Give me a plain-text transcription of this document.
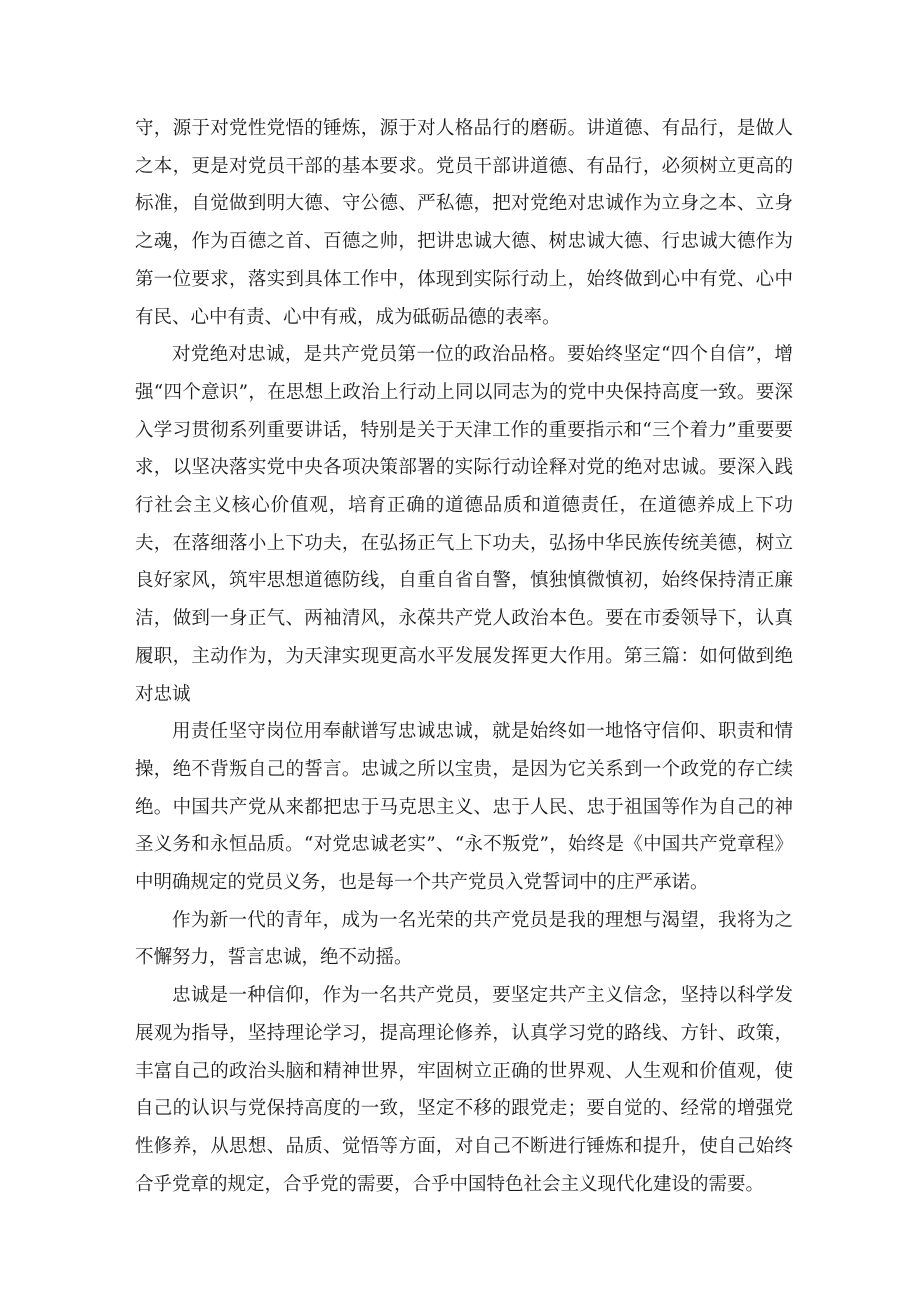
守，源于对党性党悟的锤炼，源于对人格品行的磨砺。讲道德、有品行，是做人之本，更是对党员干部的基本要求。党员干部讲道德、有品行，必须树立更高的标准，自觉做到明大德、守公德、严私德，把对党绝对忠诚作为立身之本、立身之魂，作为百德之首、百德之帅，把讲忠诚大德、树忠诚大德、行忠诚大德作为第一位要求，落实到具体工作中，体现到实际行动上，始终做到心中有党、心中有民、心中有责、心中有戒，成为砥砺品德的表率。

对党绝对忠诚，是共产党员第一位的政治品格。要始终坚定“四个自信”，增强“四个意识”，在思想上政治上行动上同以同志为的党中央保持高度一致。要深入学习贯彻系列重要讲话，特别是关于天津工作的重要指示和“三个着力”重要要求，以坚决落实党中央各项决策部署的实际行动诠释对党的绝对忠诚。要深入践行社会主义核心价值观，培育正确的道德品质和道德责任，在道德养成上下功夫，在落细落小上下功夫，在弘扬正气上下功夫，弘扬中华民族传统美德，树立良好家风，筑牢思想道德防线，自重自省自警，慎独慎微慎初，始终保持清正廉洁，做到一身正气、两袖清风，永葆共产党人政治本色。要在市委领导下，认真履职，主动作为，为天津实现更高水平发展发挥更大作用。第三篇：如何做到绝对忠诚

用责任坚守岗位用奉献谱写忠诚忠诚，就是始终如一地恪守信仰、职责和情操，绝不背叛自己的誓言。忠诚之所以宝贵，是因为它关系到一个政党的存亡续绝。中国共产党从来都把忠于马克思主义、忠于人民、忠于祖国等作为自己的神圣义务和永恒品质。“对党忠诚老实”、“永不叛党”，始终是《中国共产党章程》中明确规定的党员义务，也是每一个共产党员入党誓词中的庄严承诺。

作为新一代的青年，成为一名光荣的共产党员是我的理想与渴望，我将为之不懈努力，誓言忠诚，绝不动摇。

忠诚是一种信仰，作为一名共产党员，要坚定共产主义信念，坚持以科学发展观为指导，坚持理论学习，提高理论修养，认真学习党的路线、方针、政策，丰富自己的政治头脑和精神世界，牢固树立正确的世界观、人生观和价值观，使自己的认识与党保持高度的一致，坚定不移的跟党走；要自觉的、经常的增强党性修养，从思想、品质、觉悟等方面，对自己不断进行锤炼和提升，使自己始终合乎党章的规定，合乎党的需要，合乎中国特色社会主义现代化建设的需要。
